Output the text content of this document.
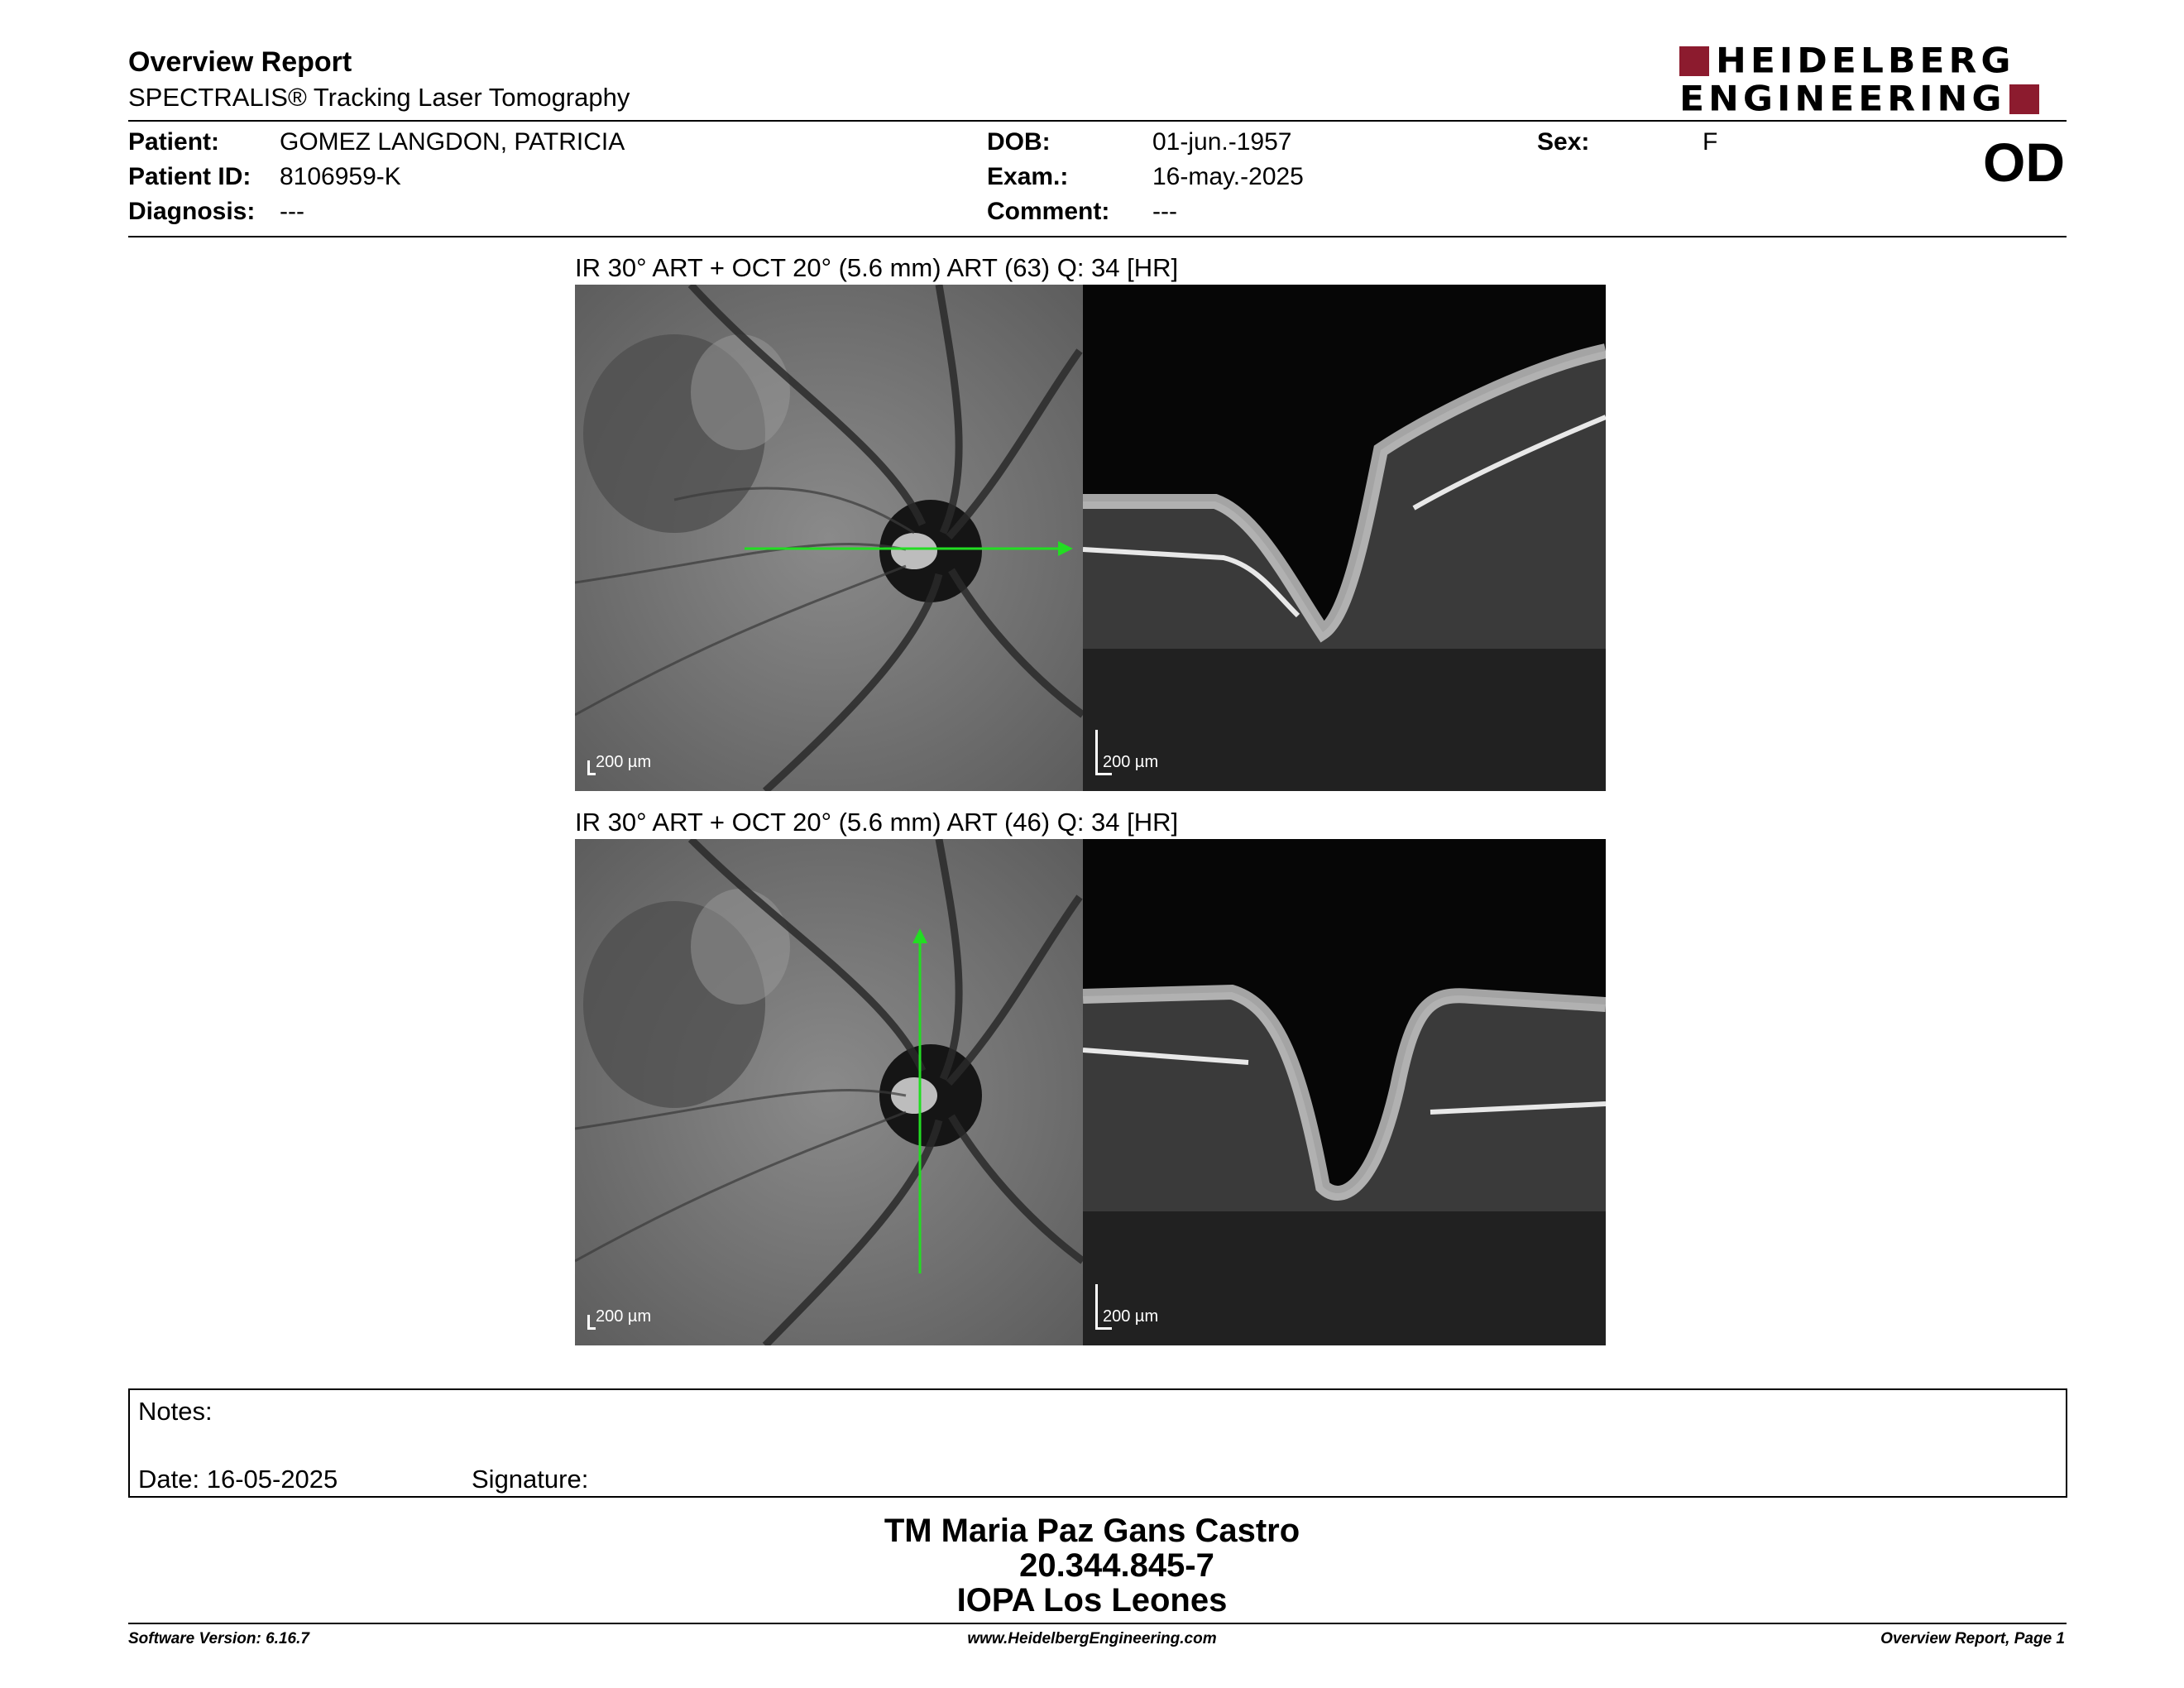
Overview Report
SPECTRALIS® Tracking Laser Tomography
HEIDELBERG
ENGINEERING
Patient: GOMEZ LANGDON, PATRICIA
Patient ID: 8106959-K
Diagnosis: ---
DOB:	01-jun.-1957
Exam.:	16-may.-2025
Comment: ---
Sex:	F	OD
IR 30° ART + OCT 20° (5.6 mm) ART (63) Q: 34 [HR]
200 µm	200 µm
IR 30° ART + OCT 20° (5.6 mm) ART (46) Q: 34 [HR]
200 µm	200 µm
Notes:
Date: 16-05-2025	Signature:
TM Maria Paz Gans Castro
20.344.845-7
IOPA Los Leones
Software Version: 6.16.7	www.HeidelbergEngineering.com	Overview Report, Page 1
